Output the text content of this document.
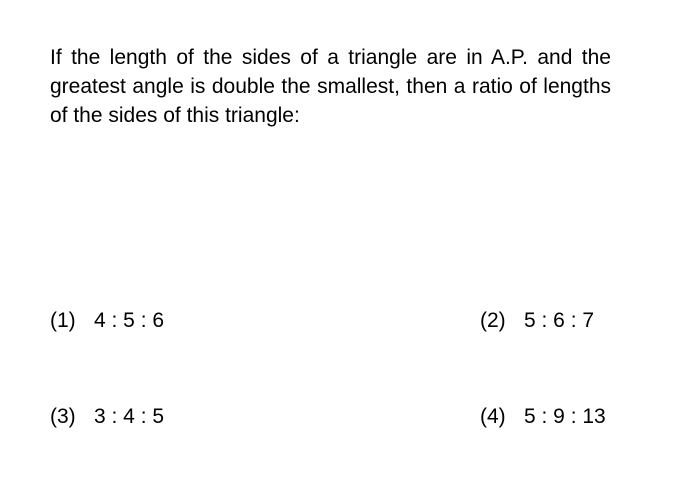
If the length of the sides of a triangle are in A.P. and the greatest angle is double the smallest, then a ratio of lengths of the sides of this triangle:
(1) 4 : 5 : 6	(2) 5 : 6 : 7
(3) 3 : 4 : 5	(4) 5 : 9 : 13
